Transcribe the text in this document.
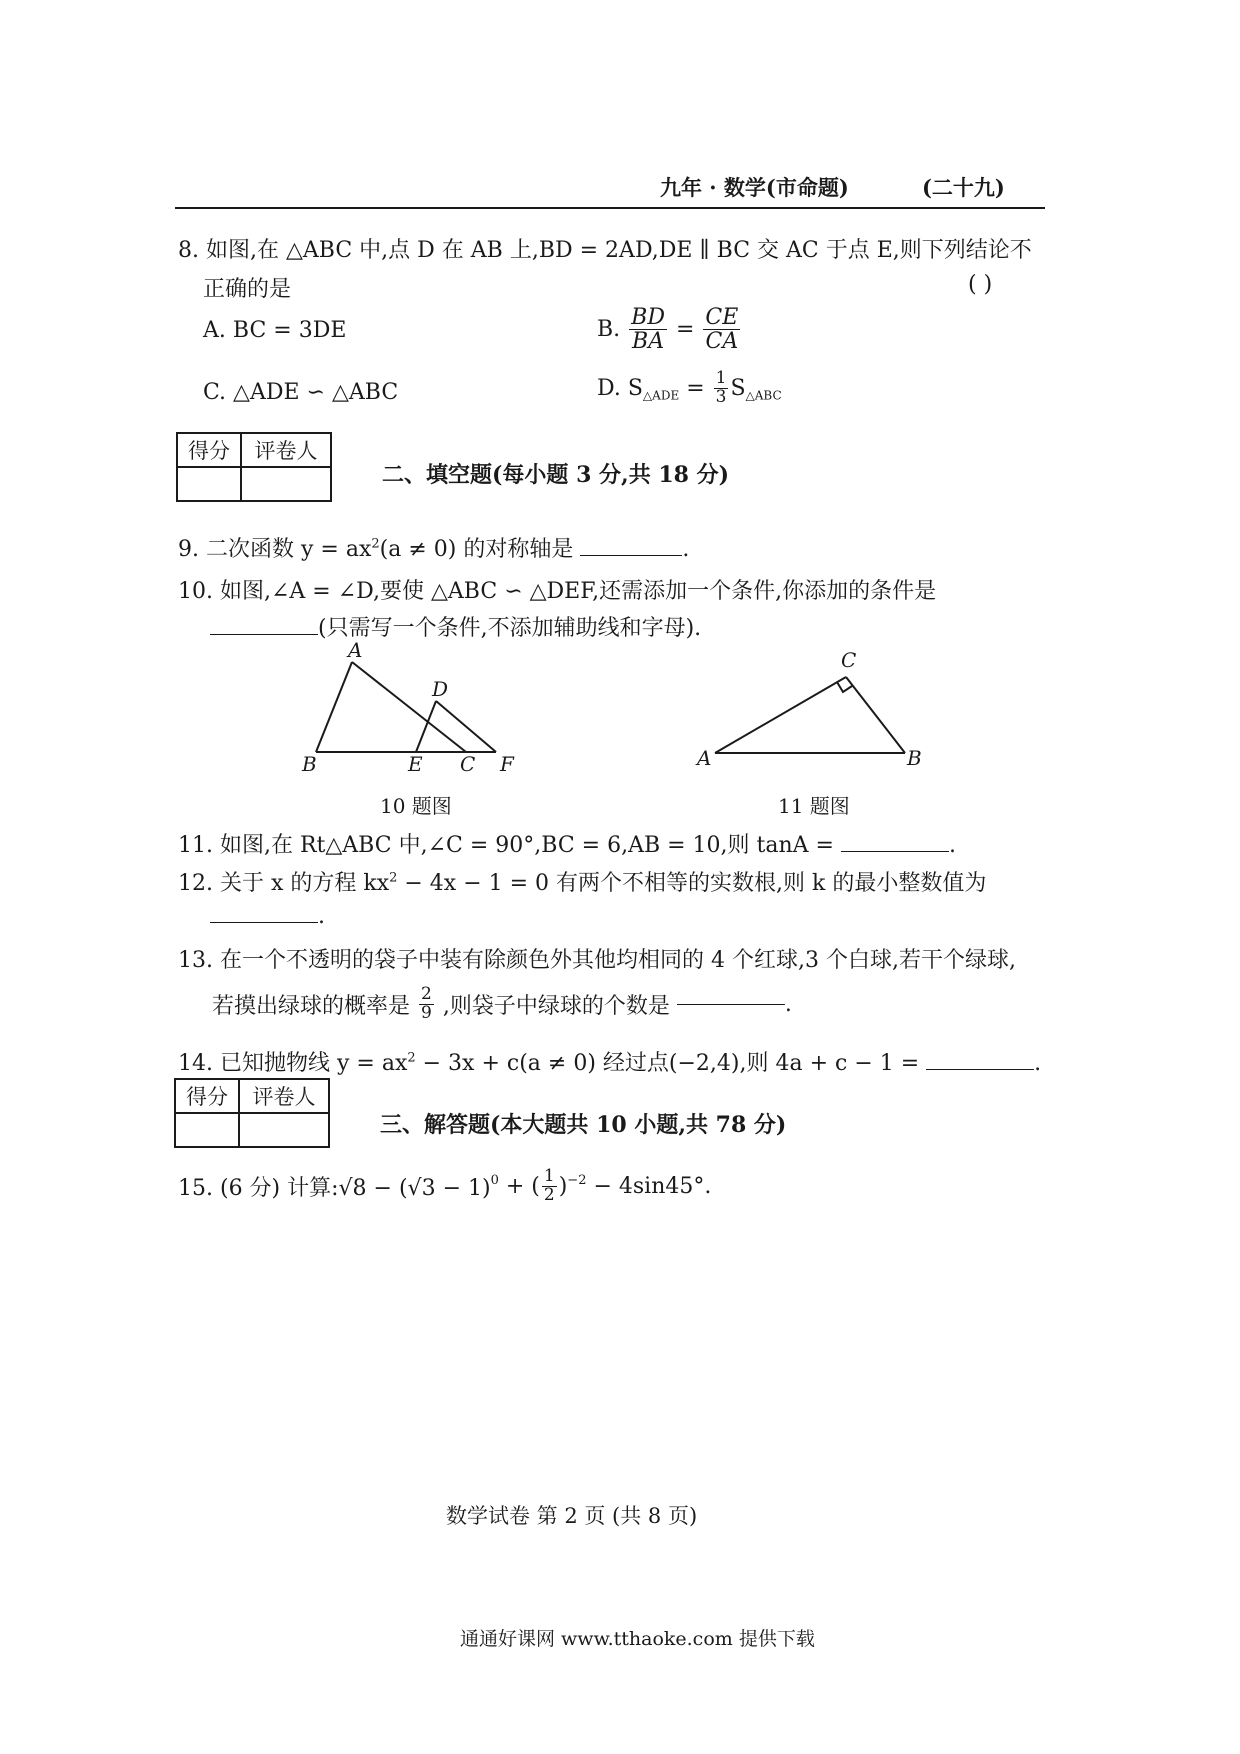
九年 · 数学(市命题)	(二十九)
8. 如图,在 △ABC 中,点 D 在 AB 上,BD = 2AD,DE ∥ BC 交 AC 于点 E,则下列结论不
正确的是	( )
A. BC = 3DE	B. $\frac{BD}{BA} = \frac{CE}{CA}$
C. △ADE ∽ △ABC	D. $S_{\triangle ADE} = \frac{1}{3} S_{\triangle ABC}$
得分	评卷人

二、填空题(每小题 3 分,共 18 分)
9. 二次函数 $y = ax^2(a \ne 0)$ 的对称轴是	.
10. 如图,∠A = ∠D,要使 △ABC ∽ △DEF,还需添加一个条件,你添加的条件是
(只需写一个条件,不添加辅助线和字母).
A
B	E C F
D
10 题图
C
A	B
11 题图
11. 如图,在 Rt△ABC 中,∠C = 90°,BC = 6,AB = 10,则 tanA =	.
12. 关于 x 的方程 $kx^2 - 4x - 1 = 0$ 有两个不相等的实数根,则 k 的最小整数值为
.
13. 在一个不透明的袋子中装有除颜色外其他均相同的 4 个红球,3 个白球,若干个绿球,
若摸出绿球的概率是 $\frac{2}{9}$ ,则袋子中绿球的个数是	.
14. 已知抛物线 $y = ax^2 - 3x + c(a \ne 0)$ 经过点(−2,4),则 4a + c − 1 =	.
得分	评卷人

三、解答题(本大题共 10 小题,共 78 分)
15. (6 分) 计算:√8 − $(√3 - 1)^0$ + ( $\frac{1}{2} )^{-2} - 4\sin 45^\circ$.
数学试卷 第 2 页 (共 8 页)
通通好课网 www.tthaoke.com 提供下载
